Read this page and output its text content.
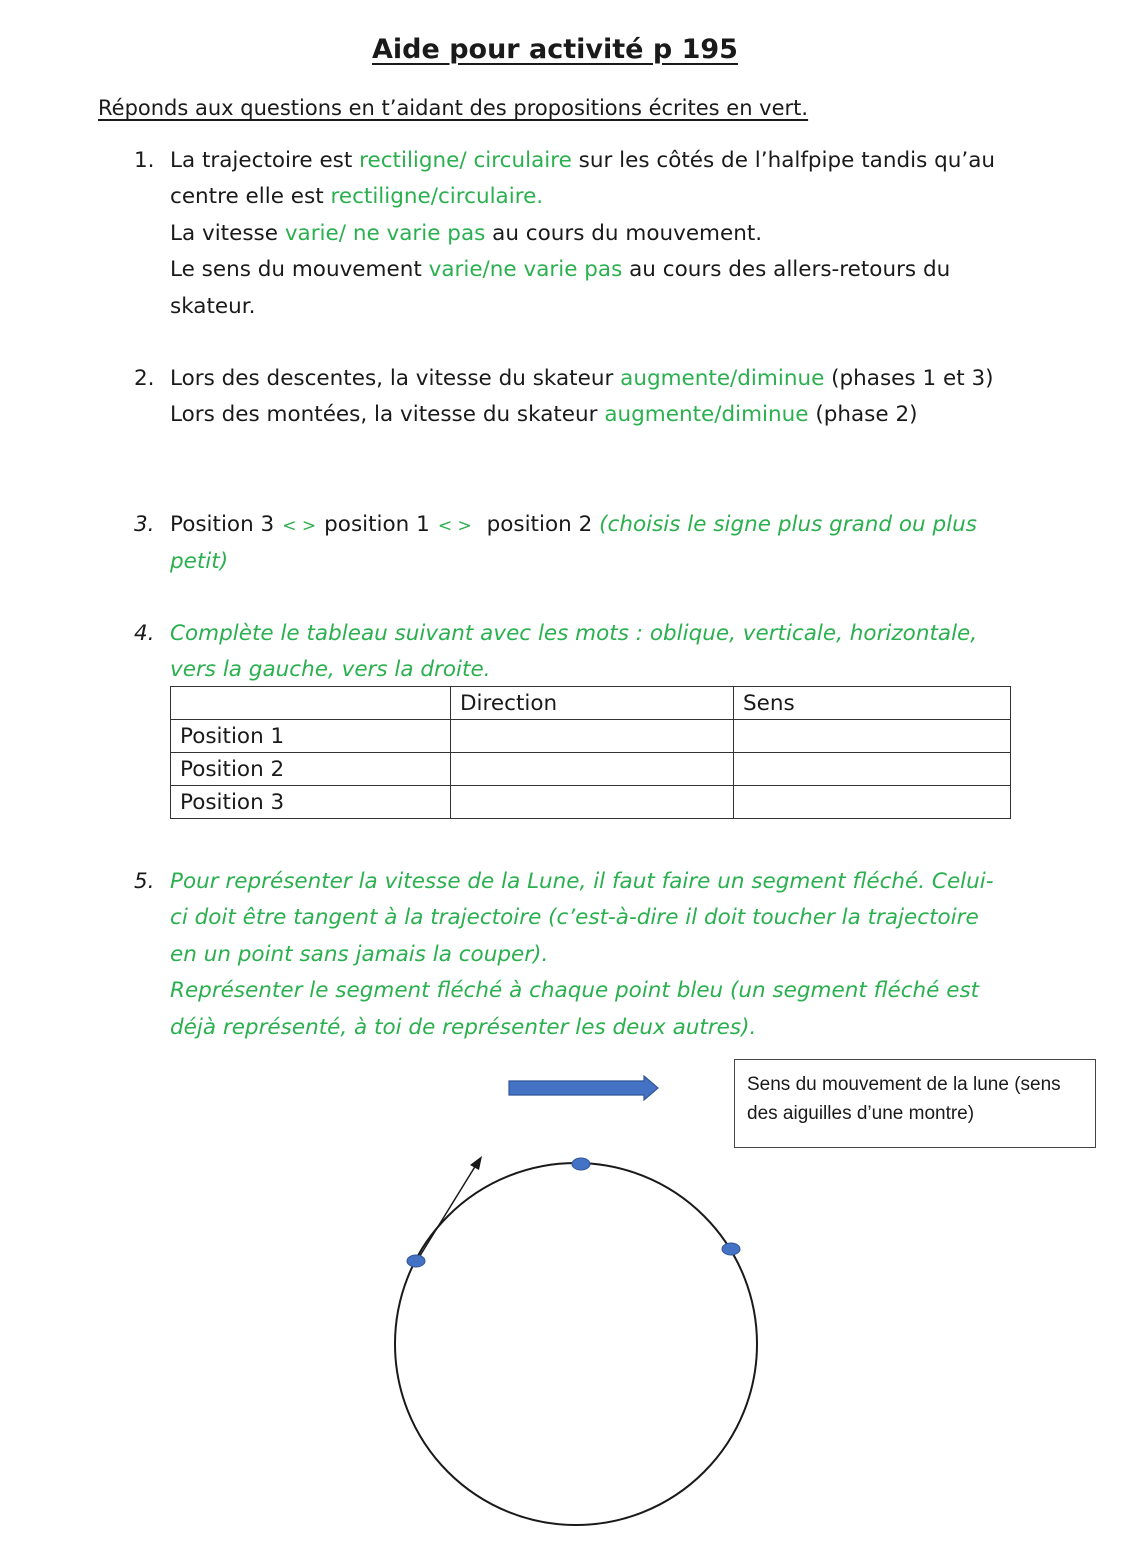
Aide pour activité p 195

Réponds aux questions en t’aidant des propositions écrites en vert.

1. La trajectoire est rectiligne/ circulaire sur les côtés de l’halfpipe tandis qu’au centre elle est rectiligne/circulaire.

La vitesse varie/ ne varie pas au cours du mouvement.

Le sens du mouvement varie/ne varie pas au cours des allers-retours du skateur.

2. Lors des descentes, la vitesse du skateur augmente/diminue (phases 1 et 3)

Lors des montées, la vitesse du skateur augmente/diminue (phase 2)

3. Position 3 < > position 1 < > position 2 (choisis le signe plus grand ou plus petit)

4. Complète le tableau suivant avec les mots : oblique, verticale, horizontale, vers la gauche, vers la droite.

	Direction	Sens
Position 1		
Position 2		
Position 3		
5. Pour représenter la vitesse de la Lune, il faut faire un segment fléché. Celui-ci doit être tangent à la trajectoire (c’est-à-dire il doit toucher la trajectoire en un point sans jamais la couper).

Représenter le segment fléché à chaque point bleu (un segment fléché est déjà représenté, à toi de représenter les deux autres).

Sens du mouvement de la lune (sens des aiguilles d’une montre)
